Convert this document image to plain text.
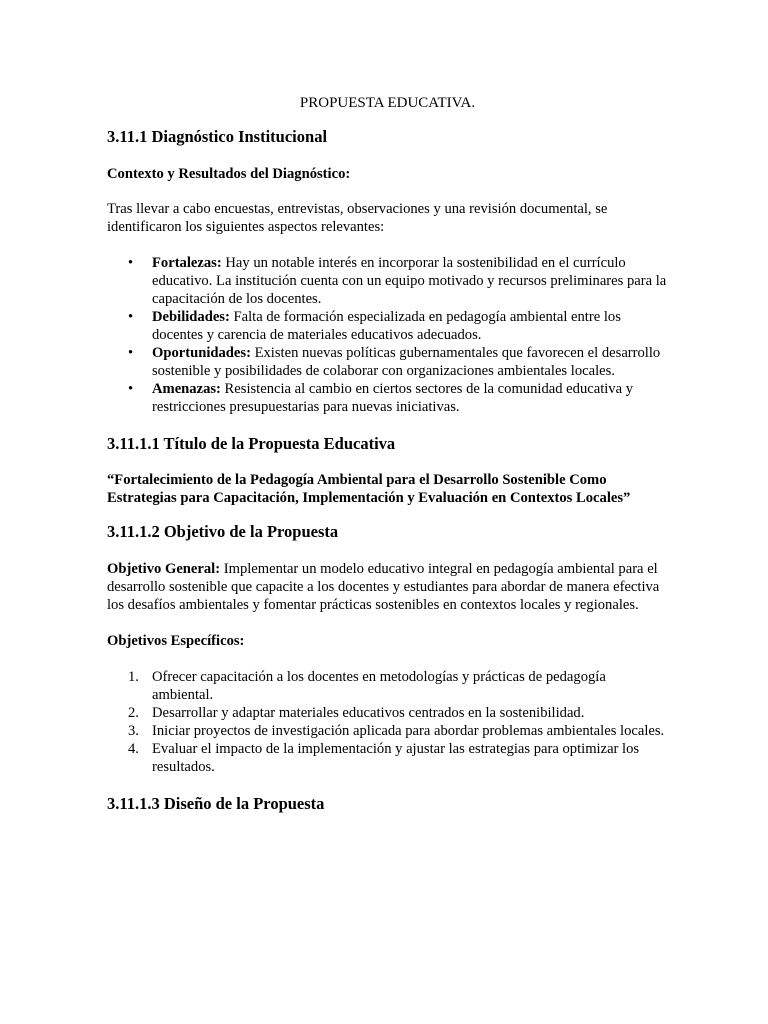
PROPUESTA EDUCATIVA.
3.11.1 Diagnóstico Institucional

Contexto y Resultados del Diagnóstico:

Tras llevar a cabo encuestas, entrevistas, observaciones y una revisión documental, se identificaron los siguientes aspectos relevantes:

• Fortalezas: Hay un notable interés en incorporar la sostenibilidad en el currículo educativo. La institución cuenta con un equipo motivado y recursos preliminares para la capacitación de los docentes.
• Debilidades: Falta de formación especializada en pedagogía ambiental entre los docentes y carencia de materiales educativos adecuados.
• Oportunidades: Existen nuevas políticas gubernamentales que favorecen el desarrollo sostenible y posibilidades de colaborar con organizaciones ambientales locales.
• Amenazas: Resistencia al cambio en ciertos sectores de la comunidad educativa y restricciones presupuestarias para nuevas iniciativas.
3.11.1.1 Título de la Propuesta Educativa

“Fortalecimiento de la Pedagogía Ambiental para el Desarrollo Sostenible Como Estrategias para Capacitación, Implementación y Evaluación en Contextos Locales”

3.11.1.2 Objetivo de la Propuesta

Objetivo General: Implementar un modelo educativo integral en pedagogía ambiental para el desarrollo sostenible que capacite a los docentes y estudiantes para abordar de manera efectiva los desafíos ambientales y fomentar prácticas sostenibles en contextos locales y regionales.

Objetivos Específicos:

1. Ofrecer capacitación a los docentes en metodologías y prácticas de pedagogía ambiental.
2. Desarrollar y adaptar materiales educativos centrados en la sostenibilidad.
3. Iniciar proyectos de investigación aplicada para abordar problemas ambientales locales.
4. Evaluar el impacto de la implementación y ajustar las estrategias para optimizar los resultados.
3.11.1.3 Diseño de la Propuesta
